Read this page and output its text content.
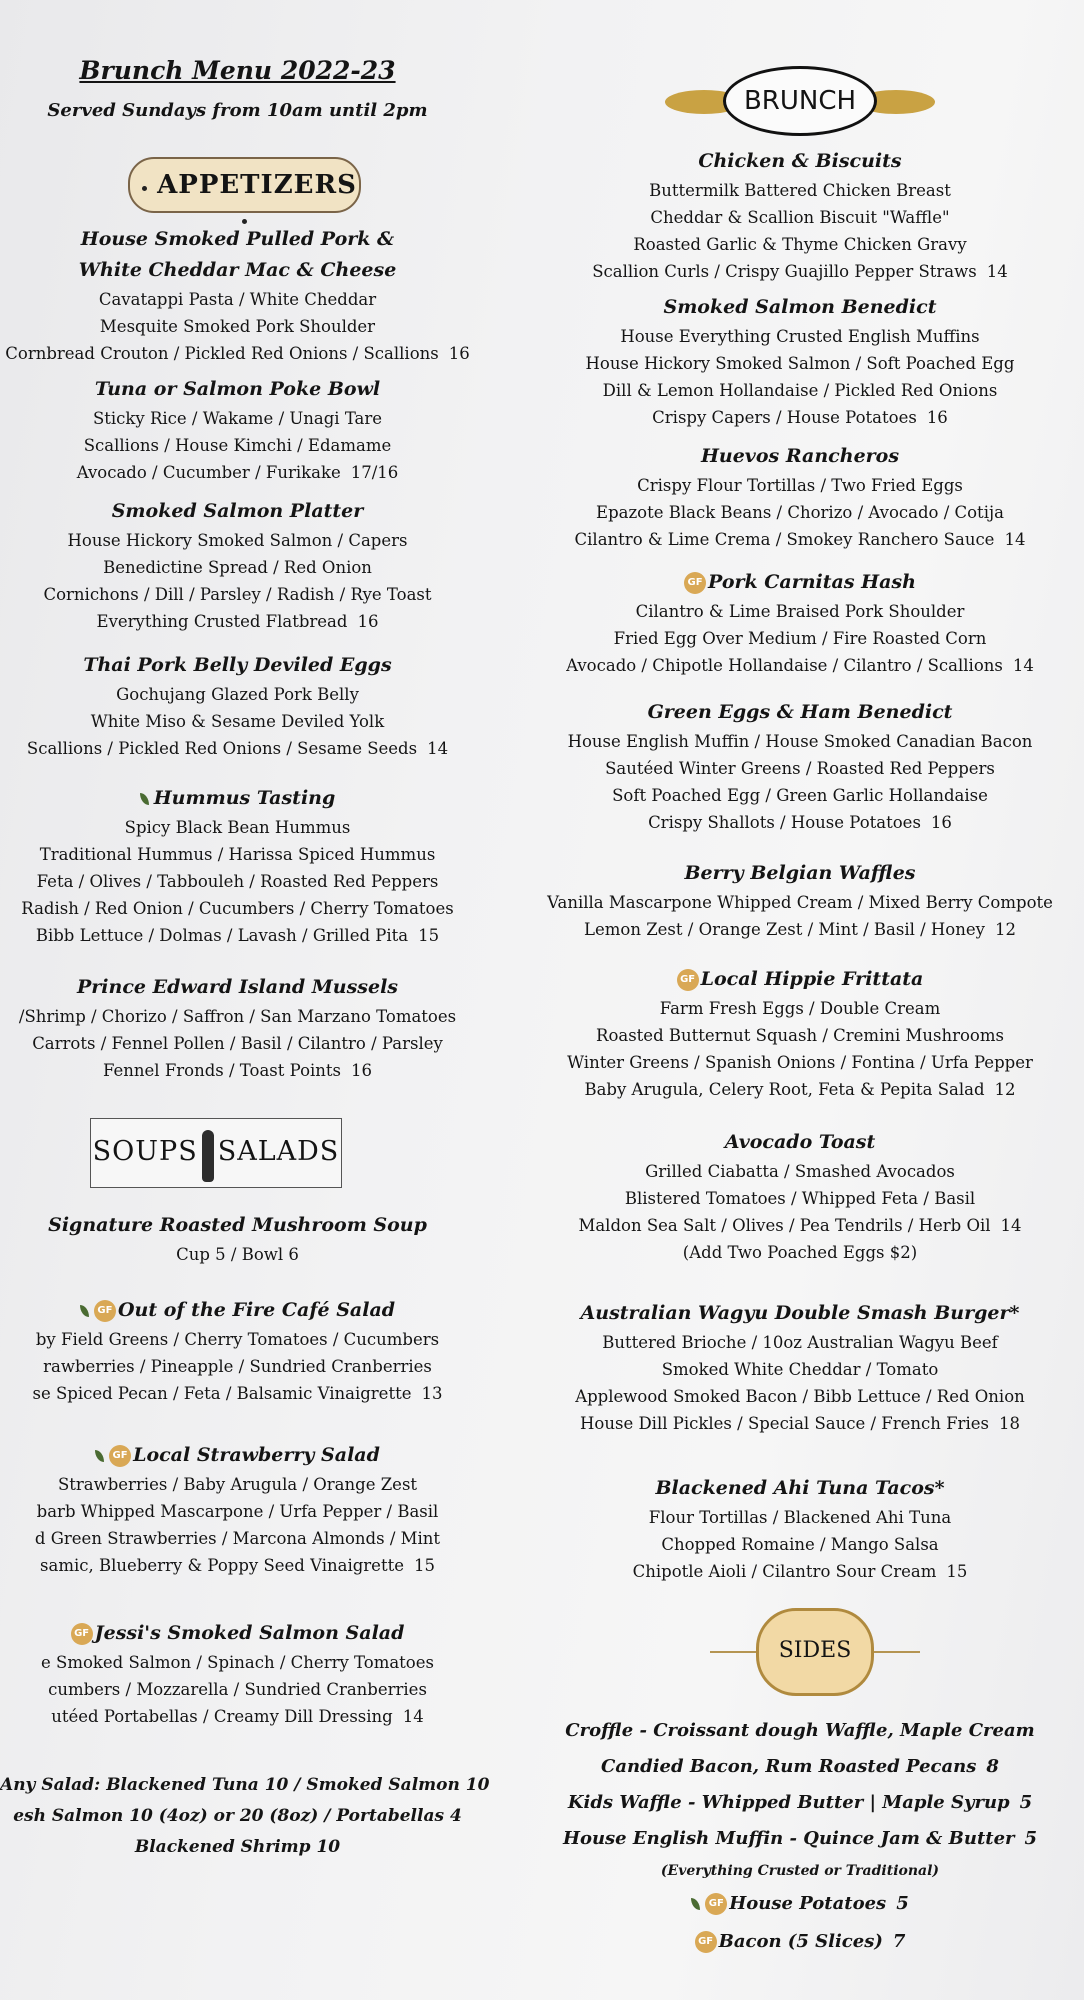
Brunch Menu 2022-23
Served Sundays from 10am until 2pm
APPETIZERS
House Smoked Pulled Pork &
White Cheddar Mac & Cheese
Cavatappi Pasta / White Cheddar
Mesquite Smoked Pork Shoulder
Cornbread Crouton / Pickled Red Onions / Scallions 16
Tuna or Salmon Poke Bowl
Sticky Rice / Wakame / Unagi Tare
Scallions / House Kimchi / Edamame
Avocado / Cucumber / Furikake 17/16
Smoked Salmon Platter
House Hickory Smoked Salmon / Capers
Benedictine Spread / Red Onion
Cornichons / Dill / Parsley / Radish / Rye Toast
Everything Crusted Flatbread 16
Thai Pork Belly Deviled Eggs
Gochujang Glazed Pork Belly
White Miso & Sesame Deviled Yolk
Scallions / Pickled Red Onions / Sesame Seeds 14
Hummus Tasting
Spicy Black Bean Hummus
Traditional Hummus / Harissa Spiced Hummus
Feta / Olives / Tabbouleh / Roasted Red Peppers
Radish / Red Onion / Cucumbers / Cherry Tomatoes
Bibb Lettuce / Dolmas / Lavash / Grilled Pita 15
Prince Edward Island Mussels
/Shrimp / Chorizo / Saffron / San Marzano Tomatoes
Carrots / Fennel Pollen / Basil / Cilantro / Parsley
Fennel Fronds / Toast Points 16
SOUPS SALADS
Signature Roasted Mushroom Soup
Cup 5 / Bowl 6
GF Out of the Fire Café Salad
by Field Greens / Cherry Tomatoes / Cucumbers
rawberries / Pineapple / Sundried Cranberries
se Spiced Pecan / Feta / Balsamic Vinaigrette 13
GF Local Strawberry Salad
Strawberries / Baby Arugula / Orange Zest
barb Whipped Mascarpone / Urfa Pepper / Basil
d Green Strawberries / Marcona Almonds / Mint
samic, Blueberry & Poppy Seed Vinaigrette 15
GF Jessi's Smoked Salmon Salad
e Smoked Salmon / Spinach / Cherry Tomatoes
cumbers / Mozzarella / Sundried Cranberries
utéed Portabellas / Creamy Dill Dressing 14
Any Salad: Blackened Tuna 10 / Smoked Salmon 10
esh Salmon 10 (4oz) or 20 (8oz) / Portabellas 4
Blackened Shrimp 10
BRUNCH
Chicken & Biscuits
Buttermilk Battered Chicken Breast
Cheddar & Scallion Biscuit "Waffle"
Roasted Garlic & Thyme Chicken Gravy
Scallion Curls / Crispy Guajillo Pepper Straws 14
Smoked Salmon Benedict
House Everything Crusted English Muffins
House Hickory Smoked Salmon / Soft Poached Egg
Dill & Lemon Hollandaise / Pickled Red Onions
Crispy Capers / House Potatoes 16
Huevos Rancheros
Crispy Flour Tortillas / Two Fried Eggs
Epazote Black Beans / Chorizo / Avocado / Cotija
Cilantro & Lime Crema / Smokey Ranchero Sauce 14
GF Pork Carnitas Hash
Cilantro & Lime Braised Pork Shoulder
Fried Egg Over Medium / Fire Roasted Corn
Avocado / Chipotle Hollandaise / Cilantro / Scallions 14
Green Eggs & Ham Benedict
House English Muffin / House Smoked Canadian Bacon
Sautéed Winter Greens / Roasted Red Peppers
Soft Poached Egg / Green Garlic Hollandaise
Crispy Shallots / House Potatoes 16
Berry Belgian Waffles
Vanilla Mascarpone Whipped Cream / Mixed Berry Compote
Lemon Zest / Orange Zest / Mint / Basil / Honey 12
GF Local Hippie Frittata
Farm Fresh Eggs / Double Cream
Roasted Butternut Squash / Cremini Mushrooms
Winter Greens / Spanish Onions / Fontina / Urfa Pepper
Baby Arugula, Celery Root, Feta & Pepita Salad 12
Avocado Toast
Grilled Ciabatta / Smashed Avocados
Blistered Tomatoes / Whipped Feta / Basil
Maldon Sea Salt / Olives / Pea Tendrils / Herb Oil 14
(Add Two Poached Eggs $2)
Australian Wagyu Double Smash Burger*
Buttered Brioche / 10oz Australian Wagyu Beef
Smoked White Cheddar / Tomato
Applewood Smoked Bacon / Bibb Lettuce / Red Onion
House Dill Pickles / Special Sauce / French Fries 18
Blackened Ahi Tuna Tacos*
Flour Tortillas / Blackened Ahi Tuna
Chopped Romaine / Mango Salsa
Chipotle Aioli / Cilantro Sour Cream 15
SIDES
Croffle - Croissant dough Waffle, Maple Cream
Candied Bacon, Rum Roasted Pecans 8
Kids Waffle - Whipped Butter | Maple Syrup 5
House English Muffin - Quince Jam & Butter 5
(Everything Crusted or Traditional)
GF House Potatoes 5
GF Bacon (5 Slices) 7
